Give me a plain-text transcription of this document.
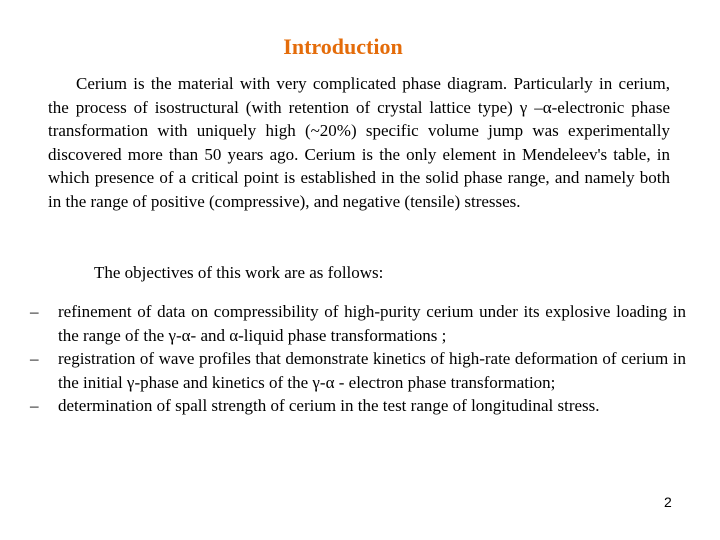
Introduction

Cerium is the material with very complicated phase diagram. Particularly in cerium, the process of isostructural (with retention of crystal lattice type) γ –α-electronic phase transformation with uniquely high (~20%) specific volume jump was experimentally discovered more than 50 years ago. Cerium is the only element in Mendeleev's table, in which presence of a critical point is established in the solid phase range, and namely both in the range of positive (compressive), and negative (tensile) stresses.

The objectives of this work are as follows:

– refinement of data on compressibility of high-purity cerium under its explosive loading in the range of the γ-α- and α-liquid phase transformations ;
– registration of wave profiles that demonstrate kinetics of high-rate deformation of cerium in the initial γ-phase and kinetics of the γ-α - electron phase transformation;
– determination of spall strength of cerium in the test range of longitudinal stress.
2
